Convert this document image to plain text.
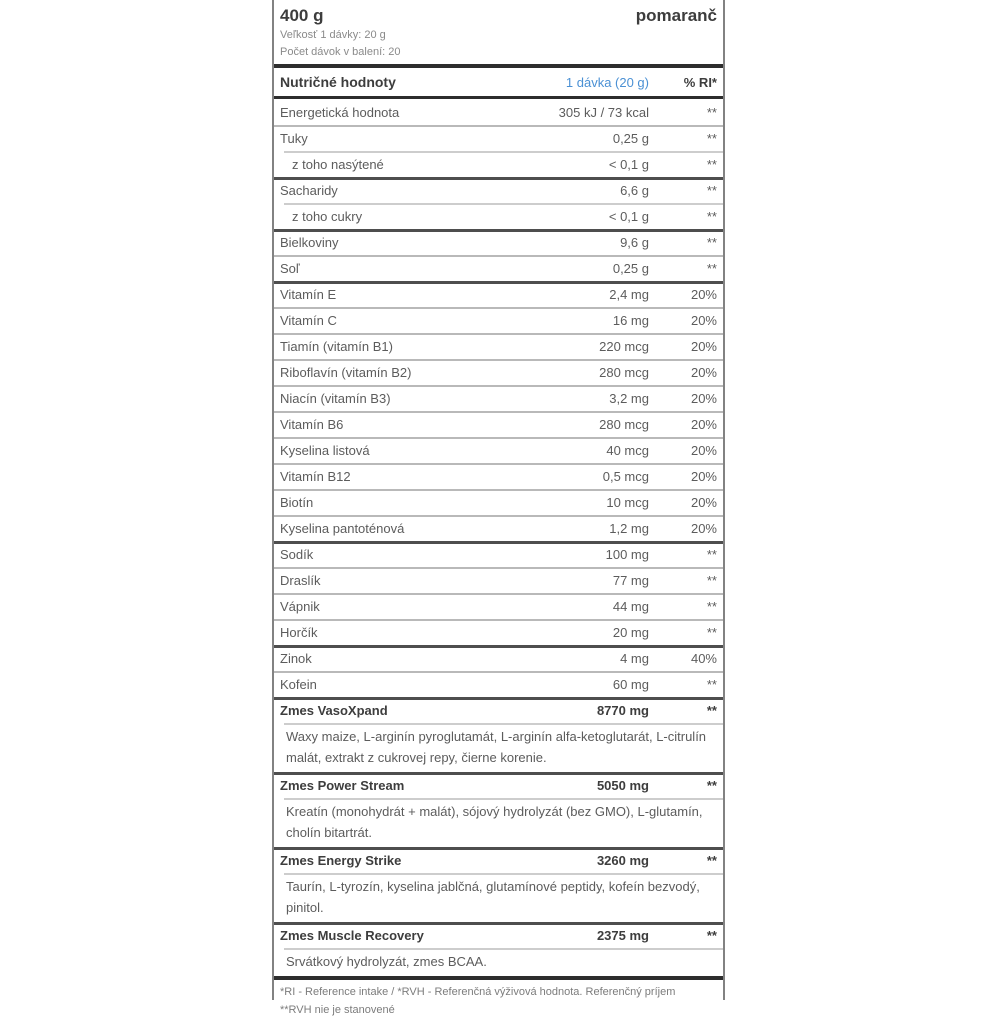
400 g	pomaranč
Veľkosť 1 dávky: 20 g
Počet dávok v balení: 20
Nutričné hodnoty	1 dávka (20 g)	% RI*
Energetická hodnota	305 kJ / 73 kcal	**
Tuky	0,25 g	**
z toho nasýtené	< 0,1 g	**
Sacharidy	6,6 g	**
z toho cukry	< 0,1 g	**
Bielkoviny	9,6 g	**
Soľ	0,25 g	**
Vitamín E	2,4 mg	20%
Vitamín C	16 mg	20%
Tiamín (vitamín B1)	220 mcg	20%
Riboflavín (vitamín B2)	280 mcg	20%
Niacín (vitamín B3)	3,2 mg	20%
Vitamín B6	280 mcg	20%
Kyselina listová	40 mcg	20%
Vitamín B12	0,5 mcg	20%
Biotín	10 mcg	20%
Kyselina pantoténová	1,2 mg	20%
Sodík	100 mg	**
Draslík	77 mg	**
Vápnik	44 mg	**
Horčík	20 mg	**
Zinok	4 mg	40%
Kofein	60 mg	**
Zmes VasoXpand	8770 mg	**
Waxy maize, L-arginín pyroglutamát, L-arginín alfa-ketoglutarát, L-citrulín malát, extrakt z cukrovej repy, čierne korenie.
Zmes Power Stream	5050 mg	**
Kreatín (monohydrát + malát), sójový hydrolyzát (bez GMO), L-glutamín, cholín bitartrát.
Zmes Energy Strike	3260 mg	**
Taurín, L-tyrozín, kyselina jablčná, glutamínové peptidy, kofeín bezvodý, pinitol.
Zmes Muscle Recovery	2375 mg	**
Srvátkový hydrolyzát, zmes BCAA.
*RI - Reference intake / *RVH - Referenčná výživová hodnota. Referenčný príjem
**RVH nie je stanovené
